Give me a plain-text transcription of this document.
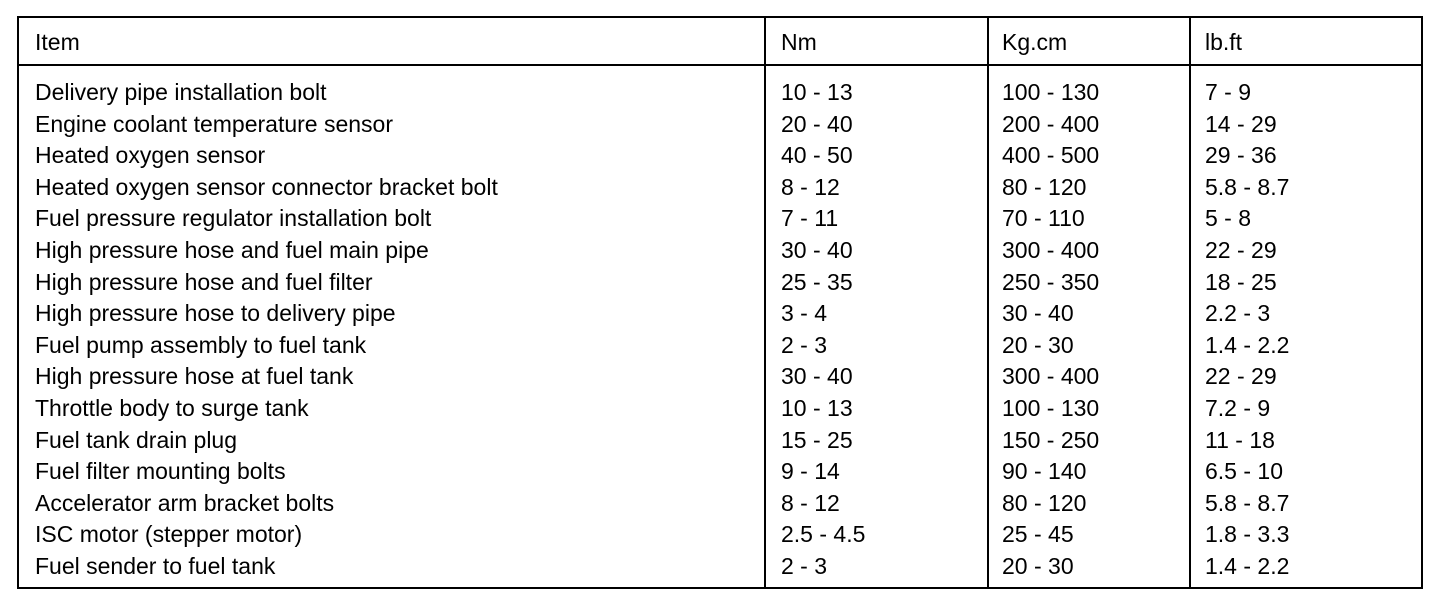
Item	Nm	Kg.cm	lb.ft
Delivery pipe installation bolt	10 - 13	100 - 130	7 - 9
Engine coolant temperature sensor	20 - 40	200 - 400	14 - 29
Heated oxygen sensor	40 - 50	400 - 500	29 - 36
Heated oxygen sensor connector bracket bolt	8 - 12	80 - 120	5.8 - 8.7
Fuel pressure regulator installation bolt	7 - 11	70 - 110	5 - 8
High pressure hose and fuel main pipe	30 - 40	300 - 400	22 - 29
High pressure hose and fuel filter	25 - 35	250 - 350	18 - 25
High pressure hose to delivery pipe	3 - 4	30 - 40	2.2 - 3
Fuel pump assembly to fuel tank	2 - 3	20 - 30	1.4 - 2.2
High pressure hose at fuel tank	30 - 40	300 - 400	22 - 29
Throttle body to surge tank	10 - 13	100 - 130	7.2 - 9
Fuel tank drain plug	15 - 25	150 - 250	11 - 18
Fuel filter mounting bolts	9 - 14	90 - 140	6.5 - 10
Accelerator arm bracket bolts	8 - 12	80 - 120	5.8 - 8.7
ISC motor (stepper motor)	2.5 - 4.5	25 - 45	1.8 - 3.3
Fuel sender to fuel tank	2 - 3	20 - 30	1.4 - 2.2
